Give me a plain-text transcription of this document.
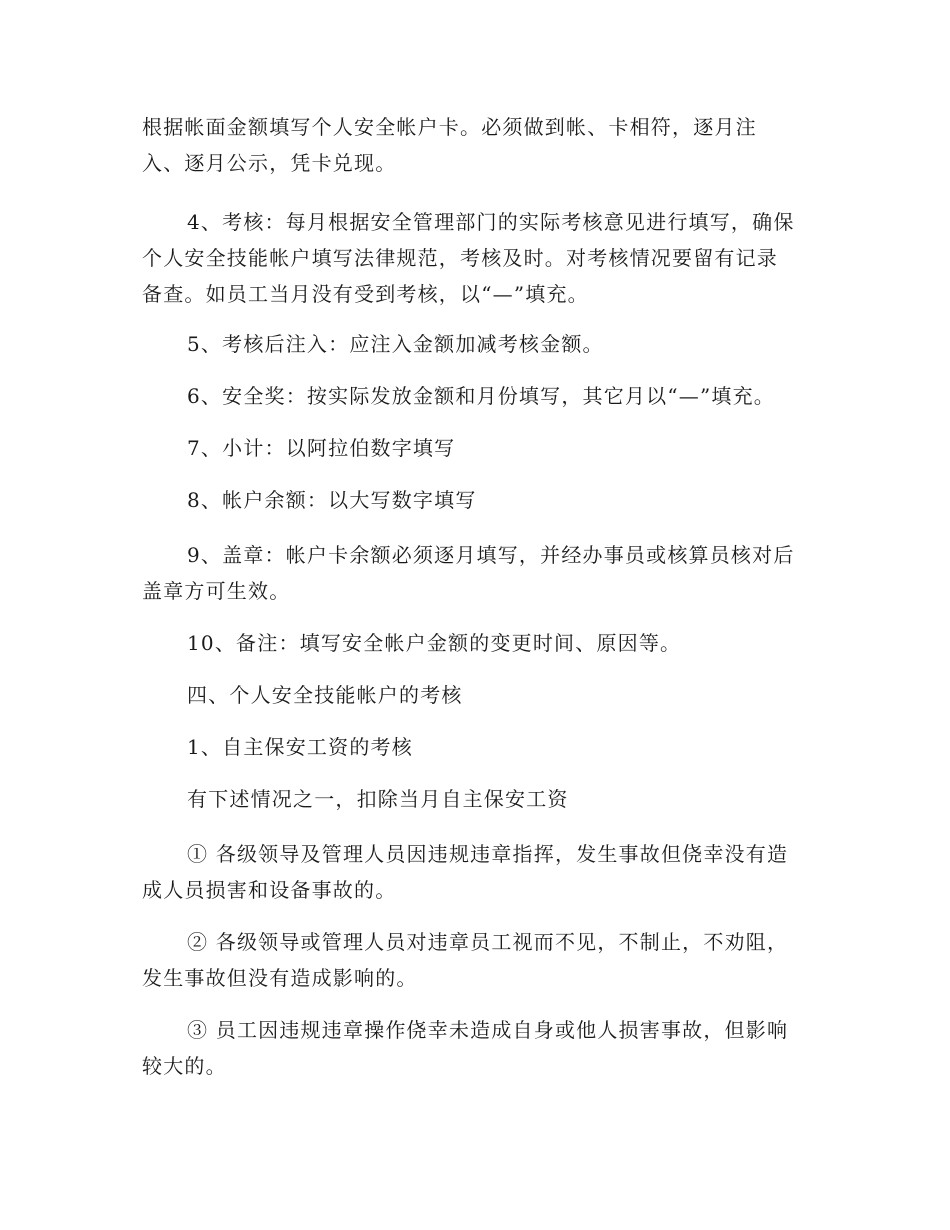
根据帐面金额填写个人安全帐户卡。必须做到帐、卡相符，逐月注
入、逐月公示，凭卡兑现。

4、考核：每月根据安全管理部门的实际考核意见进行填写，确保
个人安全技能帐户填写法律规范，考核及时。对考核情况要留有记录
备查。如员工当月没有受到考核，以“—”填充。

5、考核后注入：应注入金额加减考核金额。

6、安全奖：按实际发放金额和月份填写，其它月以“—”填充。

7、小计：以阿拉伯数字填写

8、帐户余额：以大写数字填写

9、盖章：帐户卡余额必须逐月填写，并经办事员或核算员核对后
盖章方可生效。

10、备注：填写安全帐户金额的变更时间、原因等。

四、个人安全技能帐户的考核

1、自主保安工资的考核

有下述情况之一，扣除当月自主保安工资

① 各级领导及管理人员因违规违章指挥，发生事故但侥幸没有造
成人员损害和设备事故的。

② 各级领导或管理人员对违章员工视而不见，不制止，不劝阻，
发生事故但没有造成影响的。

③ 员工因违规违章操作侥幸未造成自身或他人损害事故，但影响
较大的。
